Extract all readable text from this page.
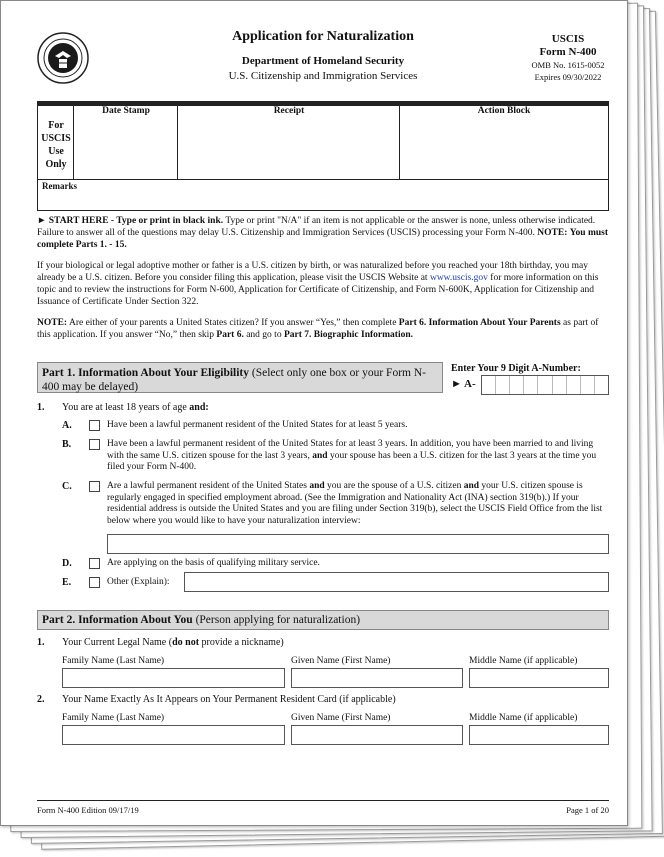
Application for Naturalization
Department of Homeland Security
U.S. Citizenship and Immigration Services
USCIS
Form N-400
OMB No. 1615-0052
Expires 09/30/2022
For USCIS Use Only
Date Stamp	Receipt	Action Block
Remarks
► START HERE - Type or print in black ink. Type or print "N/A" if an item is not applicable or the answer is none, unless otherwise indicated. Failure to answer all of the questions may delay U.S. Citizenship and Immigration Services (USCIS) processing your Form N-400. NOTE: You must complete Parts 1. - 15.
If your biological or legal adoptive mother or father is a U.S. citizen by birth, or was naturalized before you reached your 18th birthday, you may already be a U.S. citizen. Before you consider filing this application, please visit the USCIS Website at www.uscis.gov for more information on this topic and to review the instructions for Form N-600, Application for Certificate of Citizenship, and Form N-600K, Application for Citizenship and Issuance of Certificate Under Section 322.
NOTE: Are either of your parents a United States citizen? If you answer “Yes,” then complete Part 6. Information About Your Parents as part of this application. If you answer “No,” then skip Part 6. and go to Part 7. Biographic Information.
Part 1. Information About Your Eligibility (Select only one box or your Form N-400 may be delayed)
Enter Your 9 Digit A-Number:
► A-
1. You are at least 18 years of age and:
A.	Have been a lawful permanent resident of the United States for at least 5 years.
B.	Have been a lawful permanent resident of the United States for at least 3 years. In addition, you have been married to and living with the same U.S. citizen spouse for the last 3 years, and your spouse has been a U.S. citizen for the last 3 years at the time you filed your Form N-400.
C.	Are a lawful permanent resident of the United States and you are the spouse of a U.S. citizen and your U.S. citizen spouse is regularly engaged in specified employment abroad. (See the Immigration and Nationality Act (INA) section 319(b).) If your residential address is outside the United States and you are filing under Section 319(b), select the USCIS Field Office from the list below where you would like to have your naturalization interview:
D.	Are applying on the basis of qualifying military service.
E.	Other (Explain):
Part 2. Information About You (Person applying for naturalization)
1. Your Current Legal Name (do not provide a nickname)
Family Name (Last Name)	Given Name (First Name)	Middle Name (if applicable)
2. Your Name Exactly As It Appears on Your Permanent Resident Card (if applicable)
Family Name (Last Name)	Given Name (First Name)	Middle Name (if applicable)
Form N-400 Edition 09/17/19	Page 1 of 20
